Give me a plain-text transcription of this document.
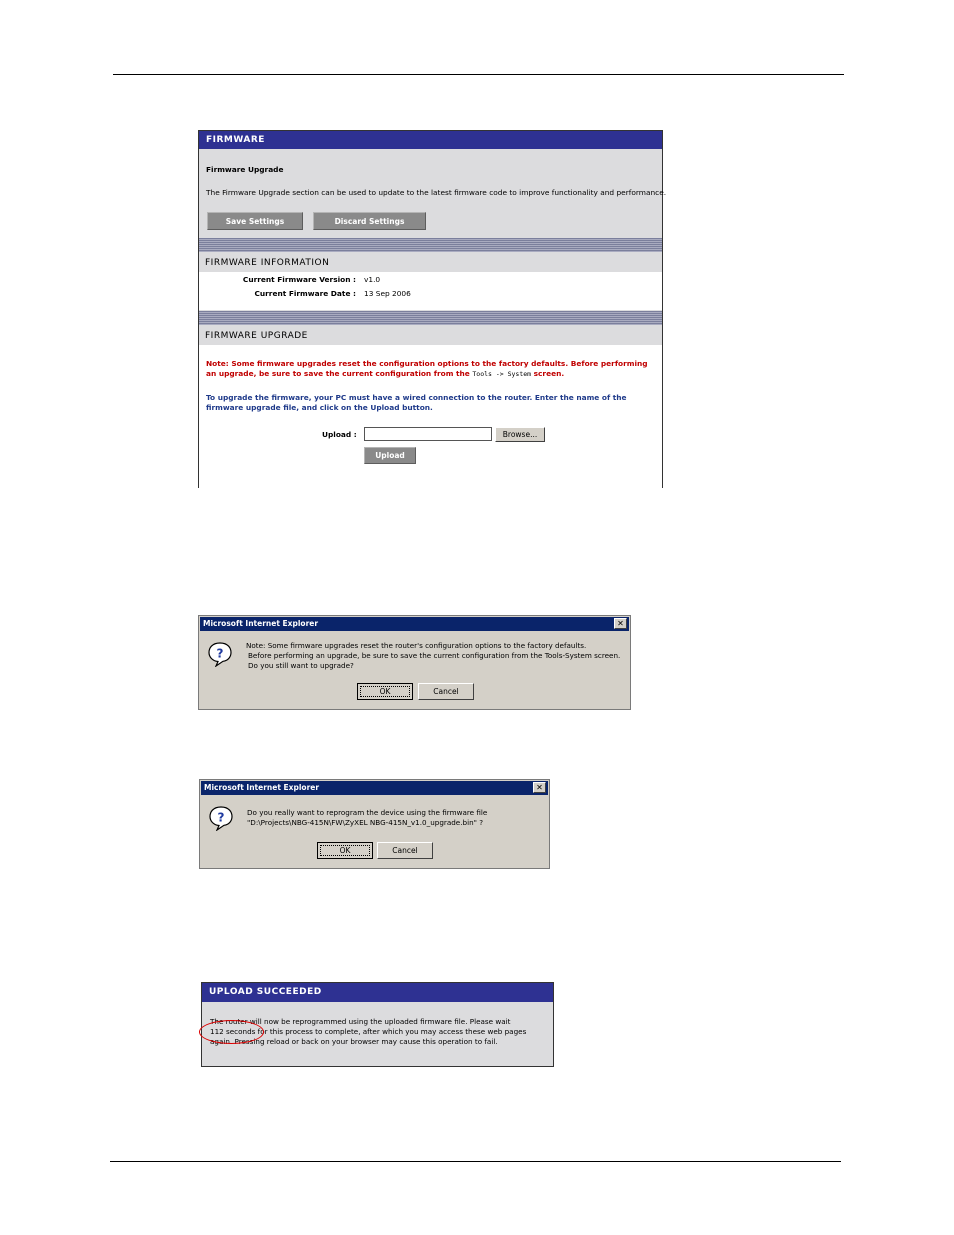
FIRMWARE
Firmware Upgrade
The Firmware Upgrade section can be used to update to the latest firmware code to improve functionality and performance.
Save Settings	Discard Settings
FIRMWARE INFORMATION
Current Firmware Version : v1.0
Current Firmware Date : 13 Sep 2006
FIRMWARE UPGRADE
Note: Some firmware upgrades reset the configuration options to the factory defaults. Before performing
an upgrade, be sure to save the current configuration from the Tools -> System screen.
To upgrade the firmware, your PC must have a wired connection to the router. Enter the name of the
firmware upgrade file, and click on the Upload button.
Upload :	Browse...
Upload
Microsoft Internet Explorer	✕
?
Note: Some firmware upgrades reset the router's configuration options to the factory defaults.
Before performing an upgrade, be sure to save the current configuration from the Tools-System screen.
Do you still want to upgrade?
OK	Cancel
Microsoft Internet Explorer	✕
?	Do you really want to reprogram the device using the firmware file
"D:\Projects\NBG-415N\FW\ZyXEL NBG-415N_v1.0_upgrade.bin" ?
OK	Cancel
UPLOAD SUCCEEDED
The router will now be reprogrammed using the uploaded firmware file. Please wait
112 seconds for this process to complete, after which you may access these web pages
again. Pressing reload or back on your browser may cause this operation to fail.
